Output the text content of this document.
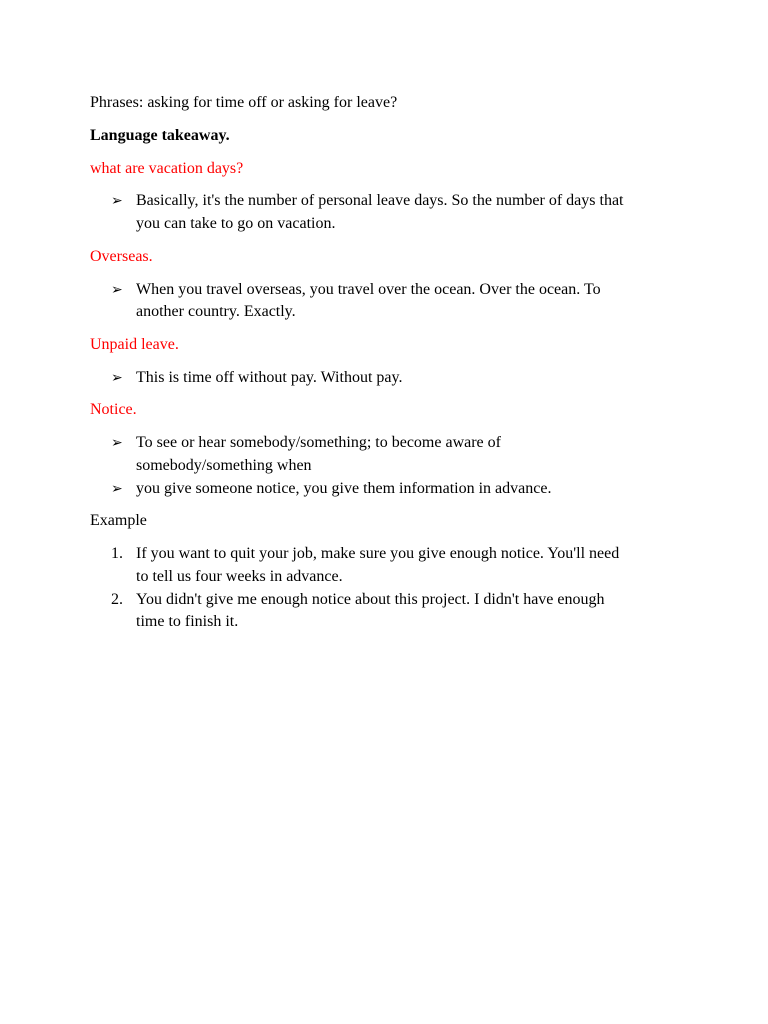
Phrases: asking for time off or asking for leave?
Language takeaway.
what are vacation days?
➢ Basically, it's the number of personal leave days. So the number of days that
you can take to go on vacation.
Overseas.
➢ When you travel overseas, you travel over the ocean. Over the ocean. To
another country. Exactly.
Unpaid leave.
➢ This is time off without pay. Without pay.
Notice.
➢ To see or hear somebody/something; to become aware of
somebody/something when
➢ you give someone notice, you give them information in advance.
Example
1. If you want to quit your job, make sure you give enough notice. You'll need
to tell us four weeks in advance.
2. You didn't give me enough notice about this project. I didn't have enough
time to finish it.
